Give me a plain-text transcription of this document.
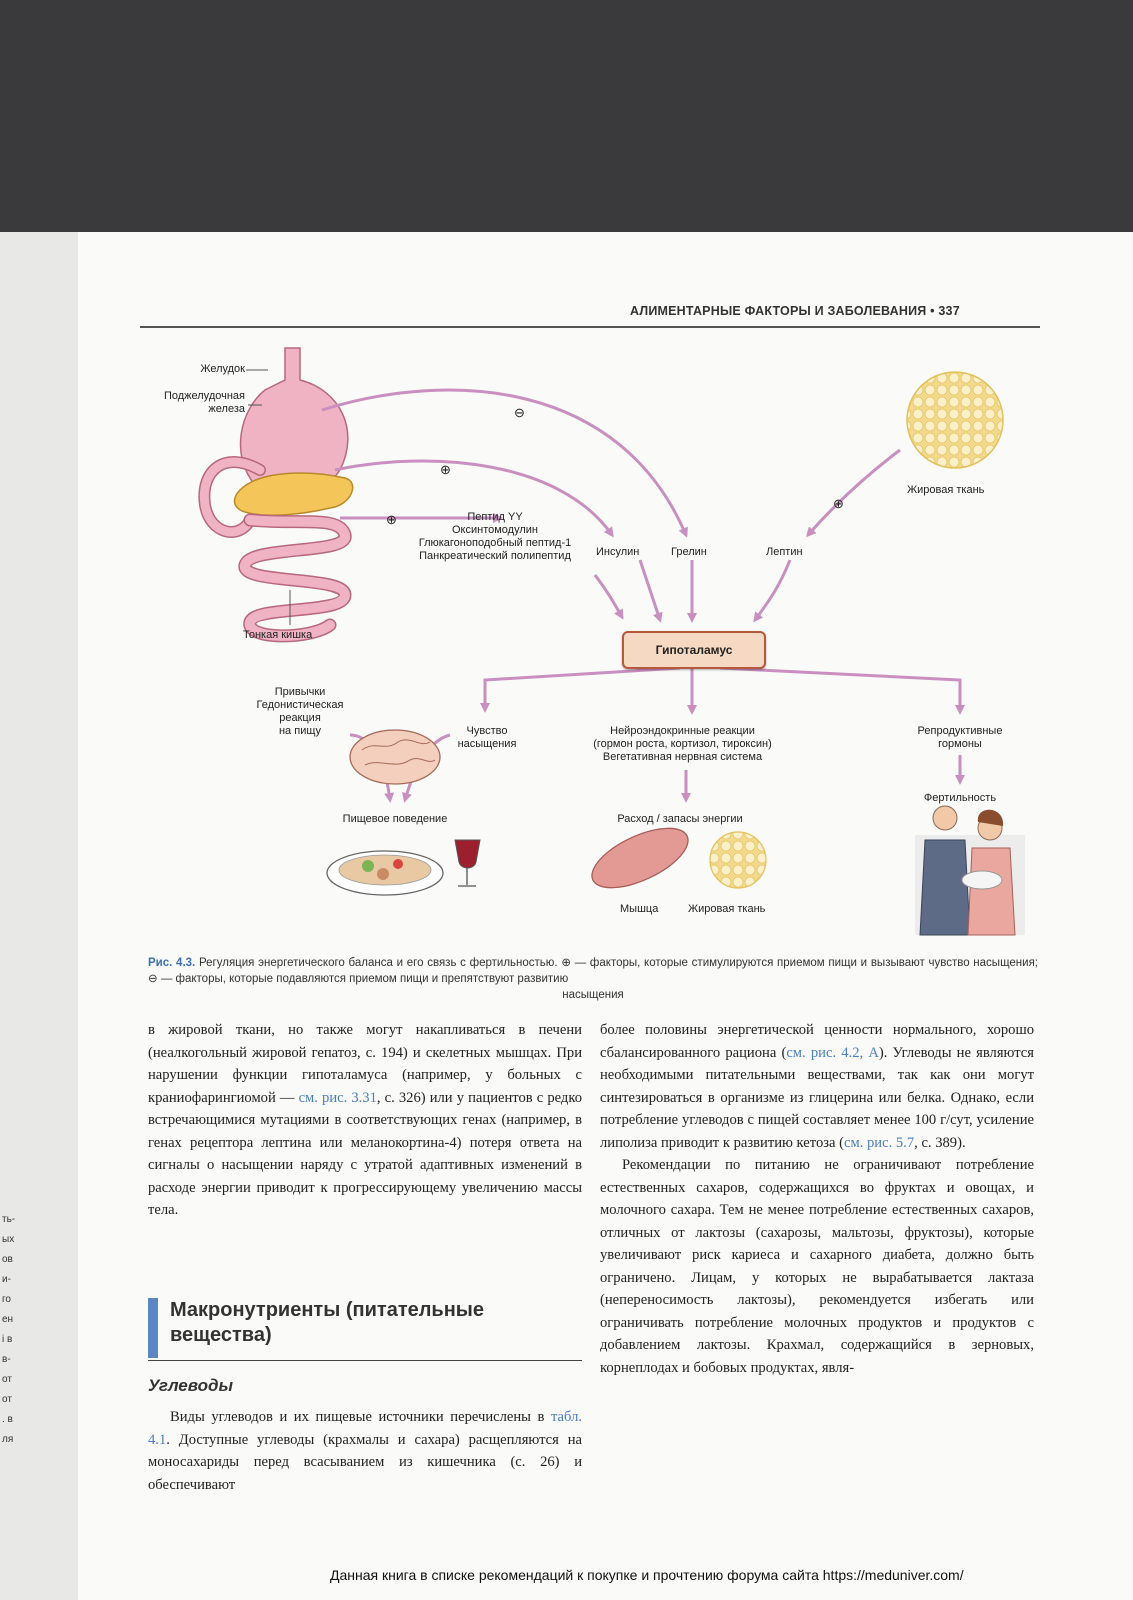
АЛИМЕНТАРНЫЕ ФАКТОРЫ И ЗАБОЛЕВАНИЯ • 337
Желудок
Поджелудочная
железа
Тонкая кишка
Жировая ткань
⊖
⊕
⊕
⊕
Пептид YY
Оксинтомодулин
Глюкагоноподобный пептид-1
Панкреатический полипептид	Инсулин	Грелин	Лептин
Гипоталамус
Привычки
Гедонистическая
реакция
на пищу	Чувство
насыщения
Нейроэндокринные реакции
(гормон роста, кортизол, тироксин)
Вегетативная нервная система
Репродуктивные
гормоны
Фертильность
Пищевое поведение	Расход / запасы энергии
Мышца	Жировая ткань
Рис. 4.3. Регуляция энергетического баланса и его связь с фертильностью. ⊕ — факторы, которые стимулируются приемом пищи и вызывают чувство насыщения; ⊖ — факторы, которые подавляются приемом пищи и препятствуют развитию
насыщения

в жировой ткани, но также могут накапливаться в печени (неалкогольный жировой гепатоз, с. 194) и скелетных мышцах. При нарушении функции гипоталамуса (например, у больных с краниофарингиомой — см. рис. 3.31, с. 326) или у пациентов с редко встречающимися мутациями в соответствующих генах (например, в генах рецептора лептина или меланокортина-4) потеря ответа на сигналы о насыщении наряду с утратой адаптивных изменений в расходе энергии приводит к прогрессирующему увеличению массы тела.

Макронутриенты (питательные
вещества)
Углеводы

Виды углеводов и их пищевые источники перечислены в табл. 4.1. Доступные углеводы (крахмалы и сахара) расщепляются на моносахариды перед всасыванием из кишечника (с. 26) и обеспечивают

более половины энергетической ценности нормального, хорошо сбалансированного рациона (см. рис. 4.2, А). Углеводы не являются необходимыми питательными веществами, так как они могут синтезироваться в организме из глицерина или белка. Однако, если потребление углеводов с пищей составляет менее 100 г/сут, усиление липолиза приводит к развитию кетоза (см. рис. 5.7, с. 389).

Рекомендации по питанию не ограничивают потребление естественных сахаров, содержащихся во фруктах и овощах, и молочного сахара. Тем не менее потребление естественных сахаров, отличных от лактозы (сахарозы, мальтозы, фруктозы), которые увеличивают риск кариеса и сахарного диабета, должно быть ограничено. Лицам, у которых не вырабатывается лактаза (непереносимость лактозы), рекомендуется избегать или ограничивать потребление молочных продуктов и продуктов с добавлением лактозы. Крахмал, содержащийся в зерновых, корнеплодах и бобовых продуктах, явля-

ть-
ых
ов
и-
го
ен
і в
в-
от
от
. в
ля
Данная книга в списке рекомендаций к покупке и прочтению форума сайта https://meduniver.com/
